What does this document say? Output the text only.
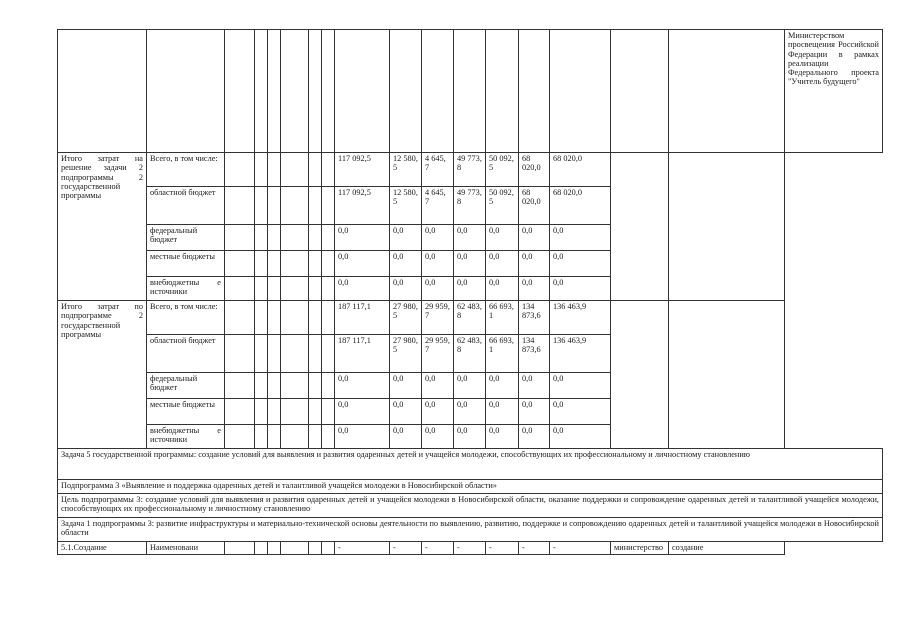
																	Министерством просвещения Российской Федерации в рамках реализации Федерального проекта "Учитель будущего"
Итого затрат на решение задачи 2 подпрограммы 2 государственной программы	Всего, в том числе:							117 092,5	12 580, 5	4 645, 7	49 773, 8	50 092, 5	68 020,0	68 020,0			
	областной бюджет							117 092,5	12 580, 5	4 645, 7	49 773, 8	50 092, 5	68 020,0	68 020,0			
	федеральный бюджет							0,0	0,0	0,0	0,0	0,0	0,0	0,0			
	местные бюджеты							0,0	0,0	0,0	0,0	0,0	0,0	0,0			
	внебюджетны е источники							0,0	0,0	0,0	0,0	0,0	0,0	0,0			
Итого затрат по подпрограмме 2 государственной программы	Всего, в том числе:							187 117,1	27 980, 5	29 959, 7	62 483, 8	66 693, 1	134 873,6	136 463,9			
	областной бюджет							187 117,1	27 980, 5	29 959, 7	62 483, 8	66 693, 1	134 873,6	136 463,9			
	федеральный бюджет							0,0	0,0	0,0	0,0	0,0	0,0	0,0			
	местные бюджеты							0,0	0,0	0,0	0,0	0,0	0,0	0,0			
	внебюджетны е источники							0,0	0,0	0,0	0,0	0,0	0,0	0,0			
Задача 5 государственной программы: создание условий для выявления и развития одаренных детей и учащейся молодежи, способствующих их профессиональному и личностному становлению																	
Подпрограмма 3 «Выявление и поддержка одаренных детей и талантливой учащейся молодежи в Новосибирской области»																	
Цель подпрограммы 3: создание условий для выявления и развития одаренных детей и учащейся молодежи в Новосибирской области, оказание поддержки и сопровождение одаренных детей и талантливой учащейся молодежи, способствующих их профессиональному и личностному становлению																	
Задача 1 подпрограммы 3: развитие инфраструктуры и материально-технической основы деятельности по выявлению, развитию, поддержке и сопровождению одаренных детей и талантливой учащейся молодежи в Новосибирской области																	
5.1.Создание	Наименовани							-	-	-	-	-	-	-	министерство	создание	
